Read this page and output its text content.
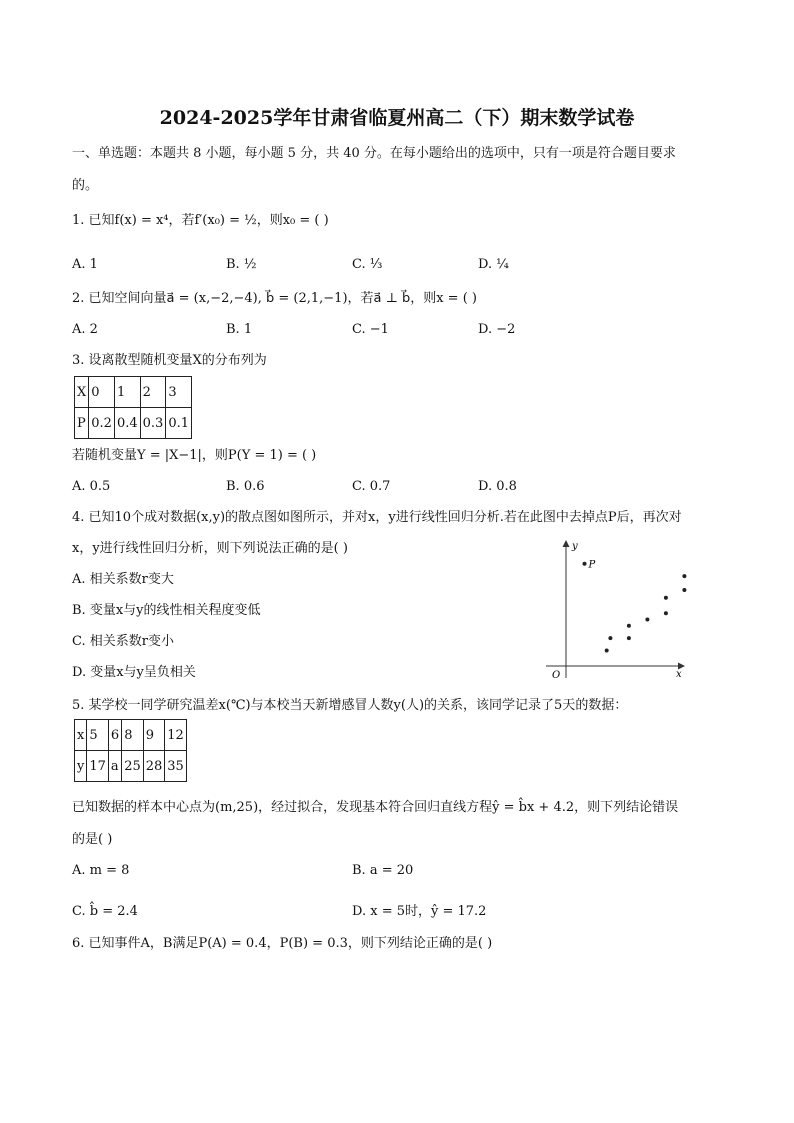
2024-2025学年甘肃省临夏州高二（下）期末数学试卷
一、单选题：本题共 8 小题，每小题 5 分，共 40 分。在每小题给出的选项中，只有一项是符合题目要求
的。
1. 已知f(x) = x⁴，若f′(x₀) = ½，则x₀ = ( )
A. 1	B. ½	C. ⅓	D. ¼
2. 已知空间向量a⃗ = (x,−2,−4), b⃗ = (2,1,−1)，若a⃗ ⊥ b⃗，则x = ( )
A. 2	B. 1	C. −1	D. −2
3. 设离散型随机变量X的分布列为
X	0	1	2	3
P	0.2	0.4	0.3	0.1
若随机变量Y = |X−1|，则P(Y = 1) = ( )
A. 0.5	B. 0.6	C. 0.7	D. 0.8
4. 已知10个成对数据(x,y)的散点图如图所示，并对x，y进行线性回归分析.若在此图中去掉点P后，再次对
x，y进行线性回归分析，则下列说法正确的是( )
A. 相关系数r变大
B. 变量x与y的线性相关程度变低
C. 相关系数r变小
D. 变量x与y呈负相关
y
x
O
P
5. 某学校一同学研究温差x(℃)与本校当天新增感冒人数y(人)的关系，该同学记录了5天的数据：
x	5	6	8	9	12
y	17	a	25	28	35
已知数据的样本中心点为(m,25)，经过拟合，发现基本符合回归直线方程ŷ = b̂x + 4.2，则下列结论错误
的是( )
A. m = 8	B. a = 20
C. b̂ = 2.4	D. x = 5时，ŷ = 17.2
6. 已知事件A，B满足P(A) = 0.4，P(B) = 0.3，则下列结论正确的是( )
